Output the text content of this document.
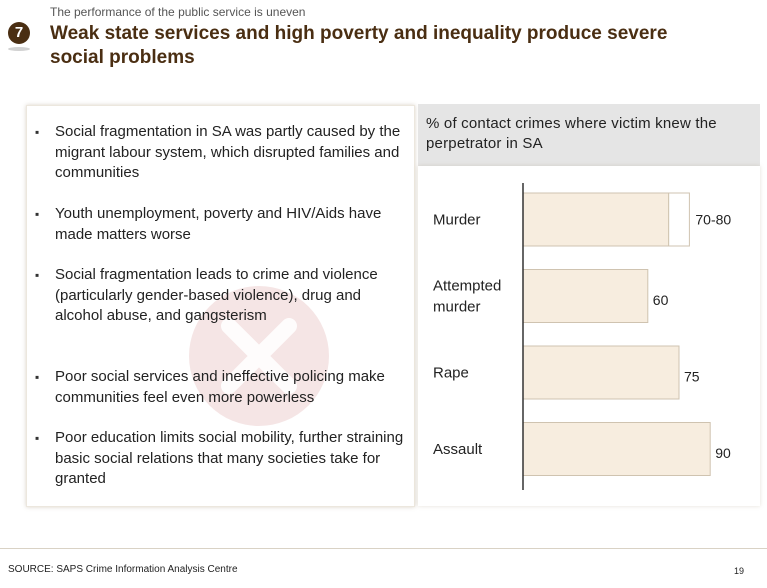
7
The performance of the public service is uneven
Weak state services and high poverty and inequality produce severe social problems
▪ Social fragmentation in SA was partly caused by the migrant labour system, which disrupted families and communities
▪ Youth unemployment, poverty and HIV/Aids have made matters worse
▪ Social fragmentation leads to crime and violence (particularly gender-based violence), drug and alcohol abuse, and gangsterism
▪ Poor social services and ineffective policing make communities feel even more powerless
▪ Poor education limits social mobility, further straining basic social relations that many societies take for granted
% of contact crimes where victim knew the perpetrator in SA
Murder	70-80
Attempted murder	60
Rape	75
Assault	90
SOURCE: SAPS Crime Information Analysis Centre	19
